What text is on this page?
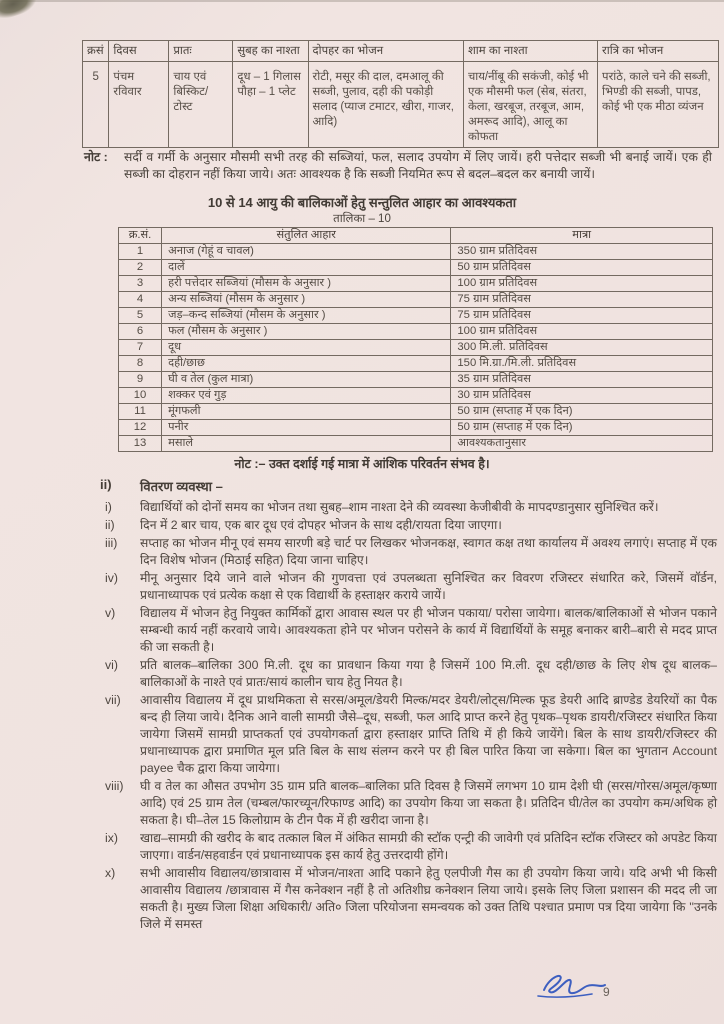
क्रसं	दिवस	प्रातः	सुबह का नाश्ता	दोपहर का भोजन	शाम का नाश्ता	रात्रि का भोजन
5	पंचम रविवार	चाय एवं बिस्किट/ टोस्ट	दूध – 1 गिलास पौहा – 1 प्लेट	रोटी, मसूर की दाल, दमआलू की सब्जी, पुलाव, दही की पकोड़ी सलाद (प्याज टमाटर, खीरा, गाजर, आदि)	चाय/नींबू की सकंजी, कोई भी एक मौसमी फल (सेब, संतरा, केला, खरबूज, तरबूज, आम, अमरूद आदि), आलू का कोफता	परांठे, काले चने की सब्जी, भिण्डी की सब्जी, पापड, कोई भी एक मीठा व्यंजन
नोट :	सर्दी व गर्मी के अनुसार मौसमी सभी तरह की सब्जियां, फल, सलाद उपयोग में लिए जायें। हरी पत्तेदार सब्जी भी बनाई जायें। एक ही सब्जी का दोहरान नहीं किया जाये। अतः आवश्यक है कि सब्जी नियमित रूप से बदल–बदल कर बनायी जायें।
10 से 14 आयु की बालिकाओं हेतु सन्तुलित आहार का आवश्यकता
तालिका – 10
क्र.सं.	संतुलित आहार	मात्रा
1	अनाज (गेहूं व चावल)	350 ग्राम प्रतिदिवस
2	दालें	50 ग्राम प्रतिदिवस
3	हरी पत्तेदार सब्जियां (मौसम के अनुसार )	100 ग्राम प्रतिदिवस
4	अन्य सब्जियां (मौसम के अनुसार )	75 ग्राम प्रतिदिवस
5	जड़–कन्द सब्जियां (मौसम के अनुसार )	75 ग्राम प्रतिदिवस
6	फल (मौसम के अनुसार )	100 ग्राम प्रतिदिवस
7	दूध	300 मि.ली. प्रतिदिवस
8	दही/छाछ	150 मि.ग्रा./मि.ली. प्रतिदिवस
9	घी व तेल (कुल मात्रा)	35 ग्राम प्रतिदिवस
10	शक्कर एवं गुड़	30 ग्राम प्रतिदिवस
11	मूंगफली	50 ग्राम (सप्ताह में एक दिन)
12	पनीर	50 ग्राम (सप्ताह में एक दिन)
13	मसाले	आवश्यकतानुसार
नोट :– उक्त दर्शाई गई मात्रा में आंशिक परिवर्तन संभव है।
ii)	वितरण व्यवस्था –
i)	विद्यार्थियों को दोनों समय का भोजन तथा सुबह–शाम नाश्ता देने की व्यवस्था केजीबीवी के मापदण्डानुसार सुनिश्चित करें।
ii)	दिन में 2 बार चाय, एक बार दूध एवं दोपहर भोजन के साथ दही/रायता दिया जाएगा।
iii)	सप्ताह का भोजन मीनू एवं समय सारणी बड़े चार्ट पर लिखकर भोजनकक्ष, स्वागत कक्ष तथा कार्यालय में अवश्य लगाएं। सप्ताह में एक दिन विशेष भोजन (मिठाई सहित) दिया जाना चाहिए।
iv)	मीनू अनुसार दिये जाने वाले भोजन की गुणवत्ता एवं उपलब्धता सुनिश्चित कर विवरण रजिस्टर संधारित करे, जिसमें वॉर्डन, प्रधानाध्यापक एवं प्रत्येक कक्षा से एक विद्यार्थी के हस्ताक्षर कराये जायें।
v)	विद्यालय में भोजन हेतु नियुक्त कार्मिकों द्वारा आवास स्थल पर ही भोजन पकाया/ परोसा जायेगा। बालक/बालिकाओं से भोजन पकाने सम्बन्धी कार्य नहीं करवाये जाये। आवश्यकता होने पर भोजन परोसने के कार्य में विद्यार्थियों के समूह बनाकर बारी–बारी से मदद प्राप्त की जा सकती है।
vi)	प्रति बालक–बालिका 300 मि.ली. दूध का प्रावधान किया गया है जिसमें 100 मि.ली. दूध दही/छाछ के लिए शेष दूध बालक–बालिकाओं के नाश्ते एवं प्रातः/सायं कालीन चाय हेतु नियत है।
vii)	आवासीय विद्यालय में दूध प्राथमिकता से सरस/अमूल/डेयरी मिल्क/मदर डेयरी/लोट्स/मिल्क फूड डेयरी आदि ब्राण्डेड डेयरियों का पैक बन्द ही लिया जाये। दैनिक आने वाली सामग्री जैसे–दूध, सब्जी, फल आदि प्राप्त करने हेतु पृथक–पृथक डायरी/रजिस्टर संधारित किया जायेगा जिसमें सामग्री प्राप्तकर्ता एवं उपयोगकर्ता द्वारा हस्ताक्षर प्राप्ति तिथि में ही किये जायेंगे। बिल के साथ डायरी/रजिस्टर की प्रधानाध्यापक द्वारा प्रमाणित मूल प्रति बिल के साथ संलग्न करने पर ही बिल पारित किया जा सकेगा। बिल का भुगतान Account payee चैक द्वारा किया जायेगा।
viii)	घी व तेल का औसत उपभोग 35 ग्राम प्रति बालक–बालिका प्रति दिवस है जिसमें लगभग 10 ग्राम देशी घी (सरस/गोरस/अमूल/कृष्णा आदि) एवं 25 ग्राम तेल (चम्बल/फारच्यून/रिफाण्ड आदि) का उपयोग किया जा सकता है। प्रतिदिन घी/तेल का उपयोग कम/अधिक हो सकता है। घी–तेल 15 किलोग्राम के टीन पैक में ही खरीदा जाना है।
ix)	खाद्य–सामग्री की खरीद के बाद तत्काल बिल में अंकित सामग्री की स्टॉक एन्ट्री की जावेगी एवं प्रतिदिन स्टॉक रजिस्टर को अपडेट किया जाएगा। वार्डन/सहवार्डन एवं प्रधानाध्यापक इस कार्य हेतु उत्तरदायी होंगे।
x)	सभी आवासीय विद्यालय/छात्रावास में भोजन/नाश्ता आदि पकाने हेतु एलपीजी गैस का ही उपयोग किया जाये। यदि अभी भी किसी आवासीय विद्यालय /छात्रावास में गैस कनेक्शन नहीं है तो अतिशीघ्र कनेक्शन लिया जाये। इसके लिए जिला प्रशासन की मदद ली जा सकती है। मुख्य जिला शिक्षा अधिकारी/ अति० जिला परियोजना समन्वयक को उक्त तिथि पश्चात प्रमाण पत्र दिया जायेगा कि ''उनके जिले में समस्त
9
